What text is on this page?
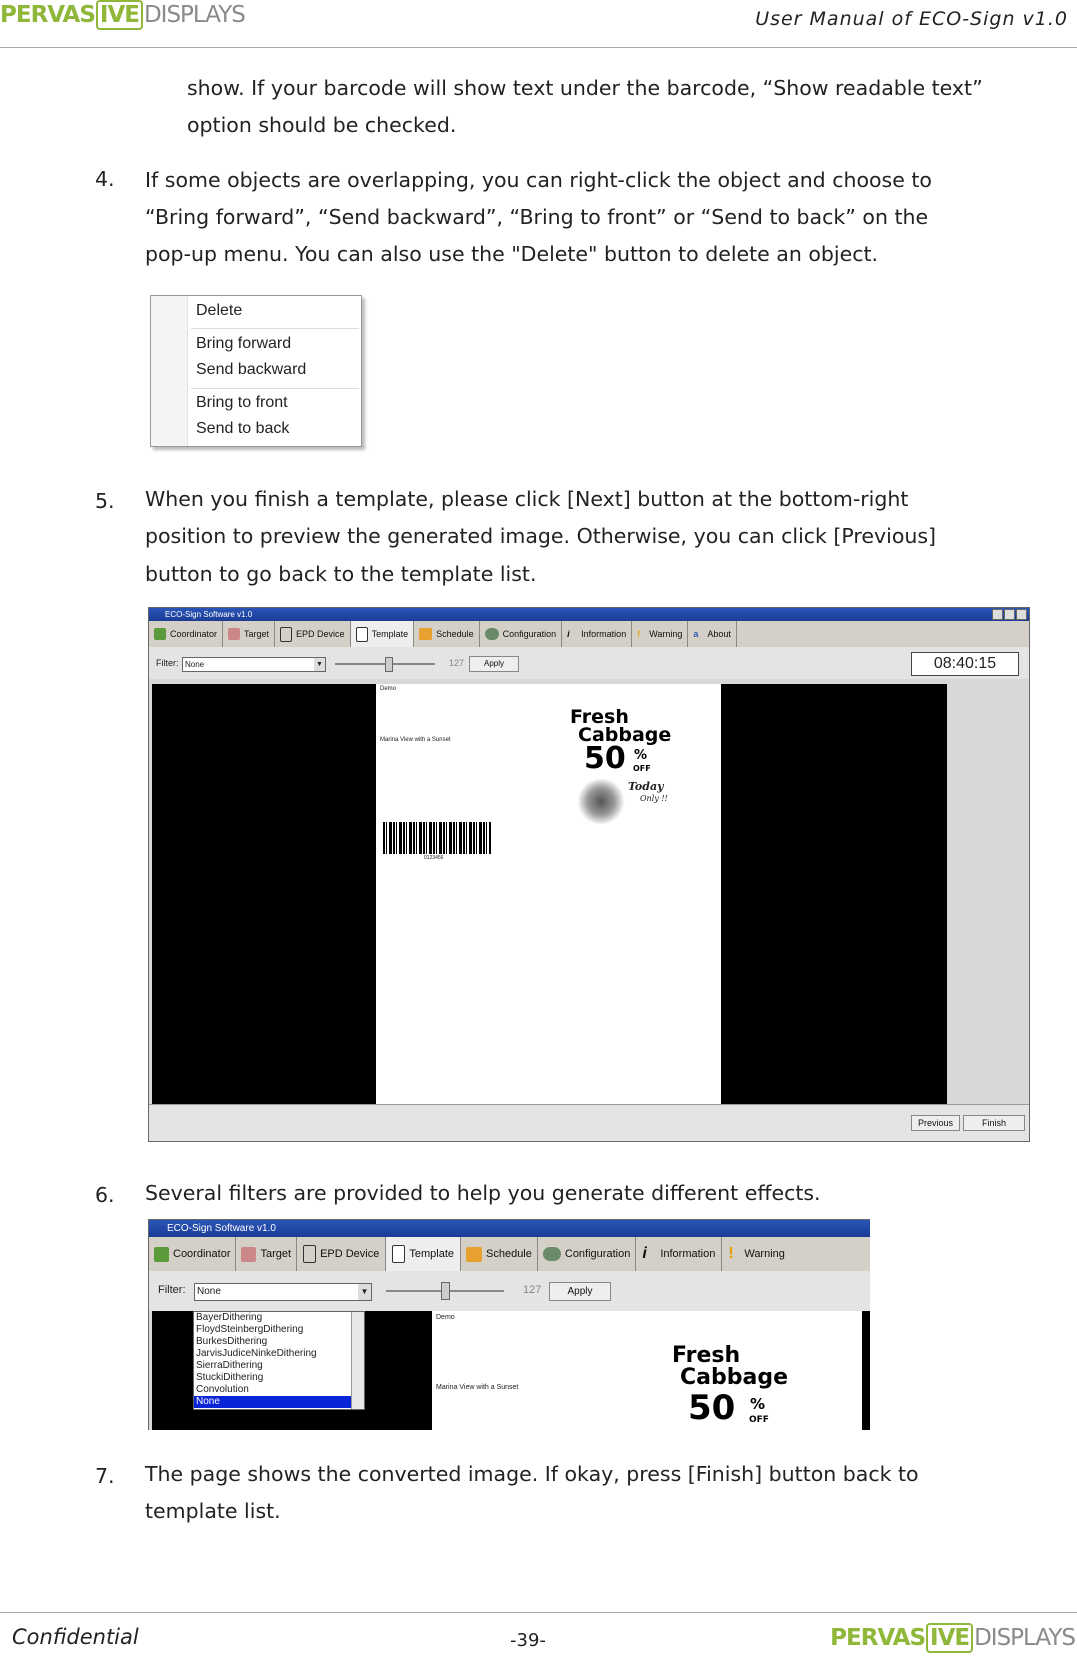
PERVAS IVE DISPLAYS	User Manual of ECO-Sign v1.0
show. If your barcode will show text under the barcode, “Show readable text”
option should be checked.
4. If some objects are overlapping, you can right-click the object and choose to
“Bring forward”, “Send backward”, “Bring to front” or “Send to back” on the
pop-up menu. You can also use the "Delete" button to delete an object.
Delete
Bring forward
Send backward
Bring to front
Send to back
5. When you finish a template, please click [Next] button at the bottom-right
position to preview the generated image. Otherwise, you can click [Previous]
button to go back to the template list.
ECO-Sign Software v1.0
Coordinator	Target	EPD Device	Template	Schedule	Configuration i	Information !	Warning a About
Filter: None	▼	127	Apply	08:40:15
Demo
Marina View with a Sunset
0123456
Fresh
Cabbage
50 %
OFF
Today
Only !!
Previous	Finish
6. Several filters are provided to help you generate different effects.
ECO-Sign Software v1.0
Coordinator	Target	EPD Device	Template	Schedule	Configuration i	Information ! Warning
Filter:	None	▼	127	Apply
Demo
Marina View with a Sunset
Fresh
Cabbage
50 %
OFF
BayerDithering
FloydSteinbergDithering
BurkesDithering
JarvisJudiceNinkeDithering
SierraDithering
StuckiDithering
Convolution
None
7. The page shows the converted image. If okay, press [Finish] button back to
template list.
Confidential	-39-	PERVAS IVE DISPLAYS
